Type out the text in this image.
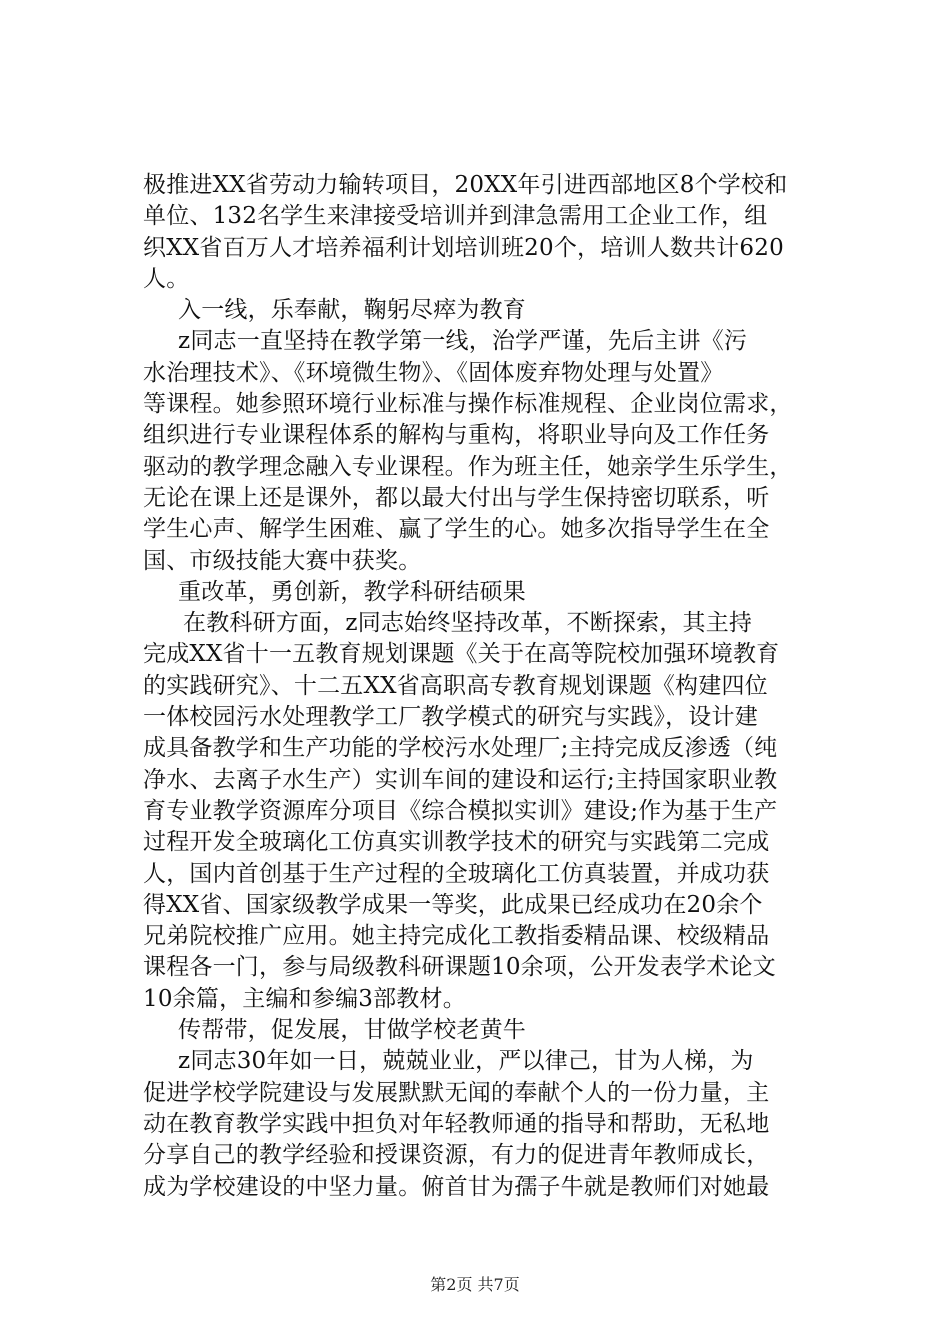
极推进XX省劳动力输转项目，20XX年引进西部地区8个学校和
单位、132名学生来津接受培训并到津急需用工企业工作，组
织XX省百万人才培养福利计划培训班20个，培训人数共计620
人。
入一线，乐奉献，鞠躬尽瘁为教育
z同志一直坚持在教学第一线，治学严谨，先后主讲《污
水治理技术》、《环境微生物》、《固体废弃物处理与处置》
等课程。她参照环境行业标准与操作标准规程、企业岗位需求，
组织进行专业课程体系的解构与重构，将职业导向及工作任务
驱动的教学理念融入专业课程。作为班主任，她亲学生乐学生，
无论在课上还是课外，都以最大付出与学生保持密切联系，听
学生心声、解学生困难、赢了学生的心。她多次指导学生在全
国、市级技能大赛中获奖。
重改革，勇创新，教学科研结硕果
在教科研方面，z同志始终坚持改革，不断探索，其主持
完成XX省十一五教育规划课题《关于在高等院校加强环境教育
的实践研究》、十二五XX省高职高专教育规划课题《构建四位
一体校园污水处理教学工厂教学模式的研究与实践》，设计建
成具备教学和生产功能的学校污水处理厂;主持完成反渗透（纯
净水、去离子水生产）实训车间的建设和运行;主持国家职业教
育专业教学资源库分项目《综合模拟实训》建设;作为基于生产
过程开发全玻璃化工仿真实训教学技术的研究与实践第二完成
人，国内首创基于生产过程的全玻璃化工仿真装置，并成功获
得XX省、国家级教学成果一等奖，此成果已经成功在20余个
兄弟院校推广应用。她主持完成化工教指委精品课、校级精品
课程各一门，参与局级教科研课题10余项，公开发表学术论文
10余篇，主编和参编3部教材。
传帮带，促发展，甘做学校老黄牛
z同志30年如一日，兢兢业业，严以律己，甘为人梯，为
促进学校学院建设与发展默默无闻的奉献个人的一份力量，主
动在教育教学实践中担负对年轻教师通的指导和帮助，无私地
分享自己的教学经验和授课资源，有力的促进青年教师成长，
成为学校建设的中坚力量。俯首甘为孺子牛就是教师们对她最
第2页 共7页
